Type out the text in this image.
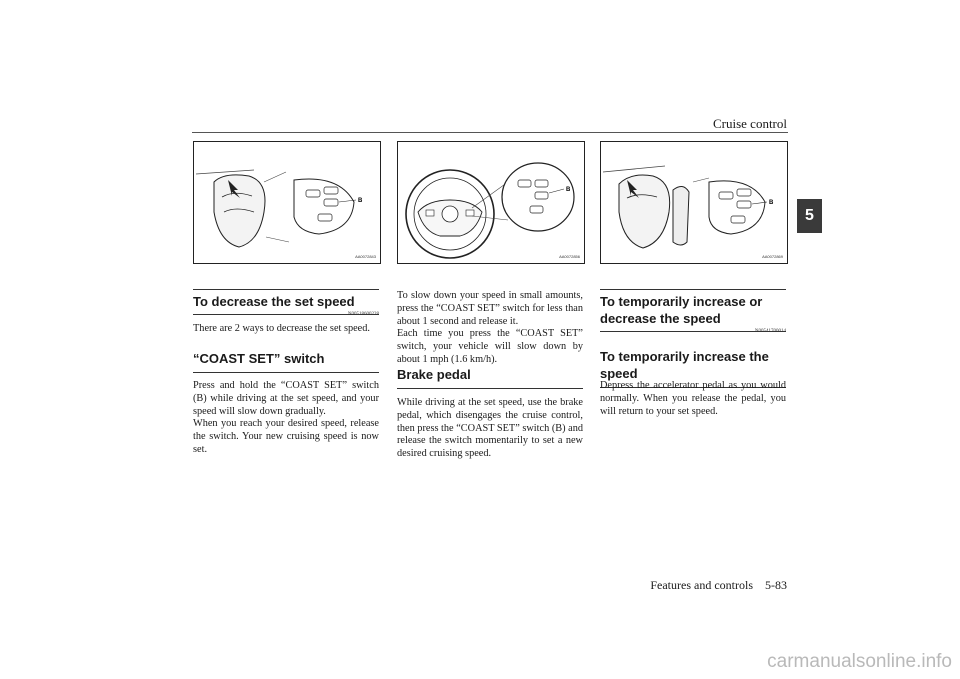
Cruise control
5
B
AA0072843
B
AA0072856
B
AA0072869
To decrease the set speed
N00518600228
There are 2 ways to decrease the set speed.
“COAST SET” switch
Press and hold the “COAST SET” switch (B) while driving at the set speed, and your speed will slow down gradually.
When you reach your desired speed, release the switch. Your new cruising speed is now set.
To slow down your speed in small amounts, press the “COAST SET” switch for less than about 1 second and release it.
Each time you press the “COAST SET” switch, your vehicle will slow down by about 1 mph (1.6 km/h).
Brake pedal
While driving at the set speed, use the brake pedal, which disengages the cruise control, then press the “COAST SET” switch (B) and release the switch momentarily to set a new desired cruising speed.
To temporarily increase or decrease the speed
N00541700014
To temporarily increase the speed
Depress the accelerator pedal as you would normally. When you release the pedal, you will return to your set speed.
Features and controls 5-83
carmanualsonline.info
